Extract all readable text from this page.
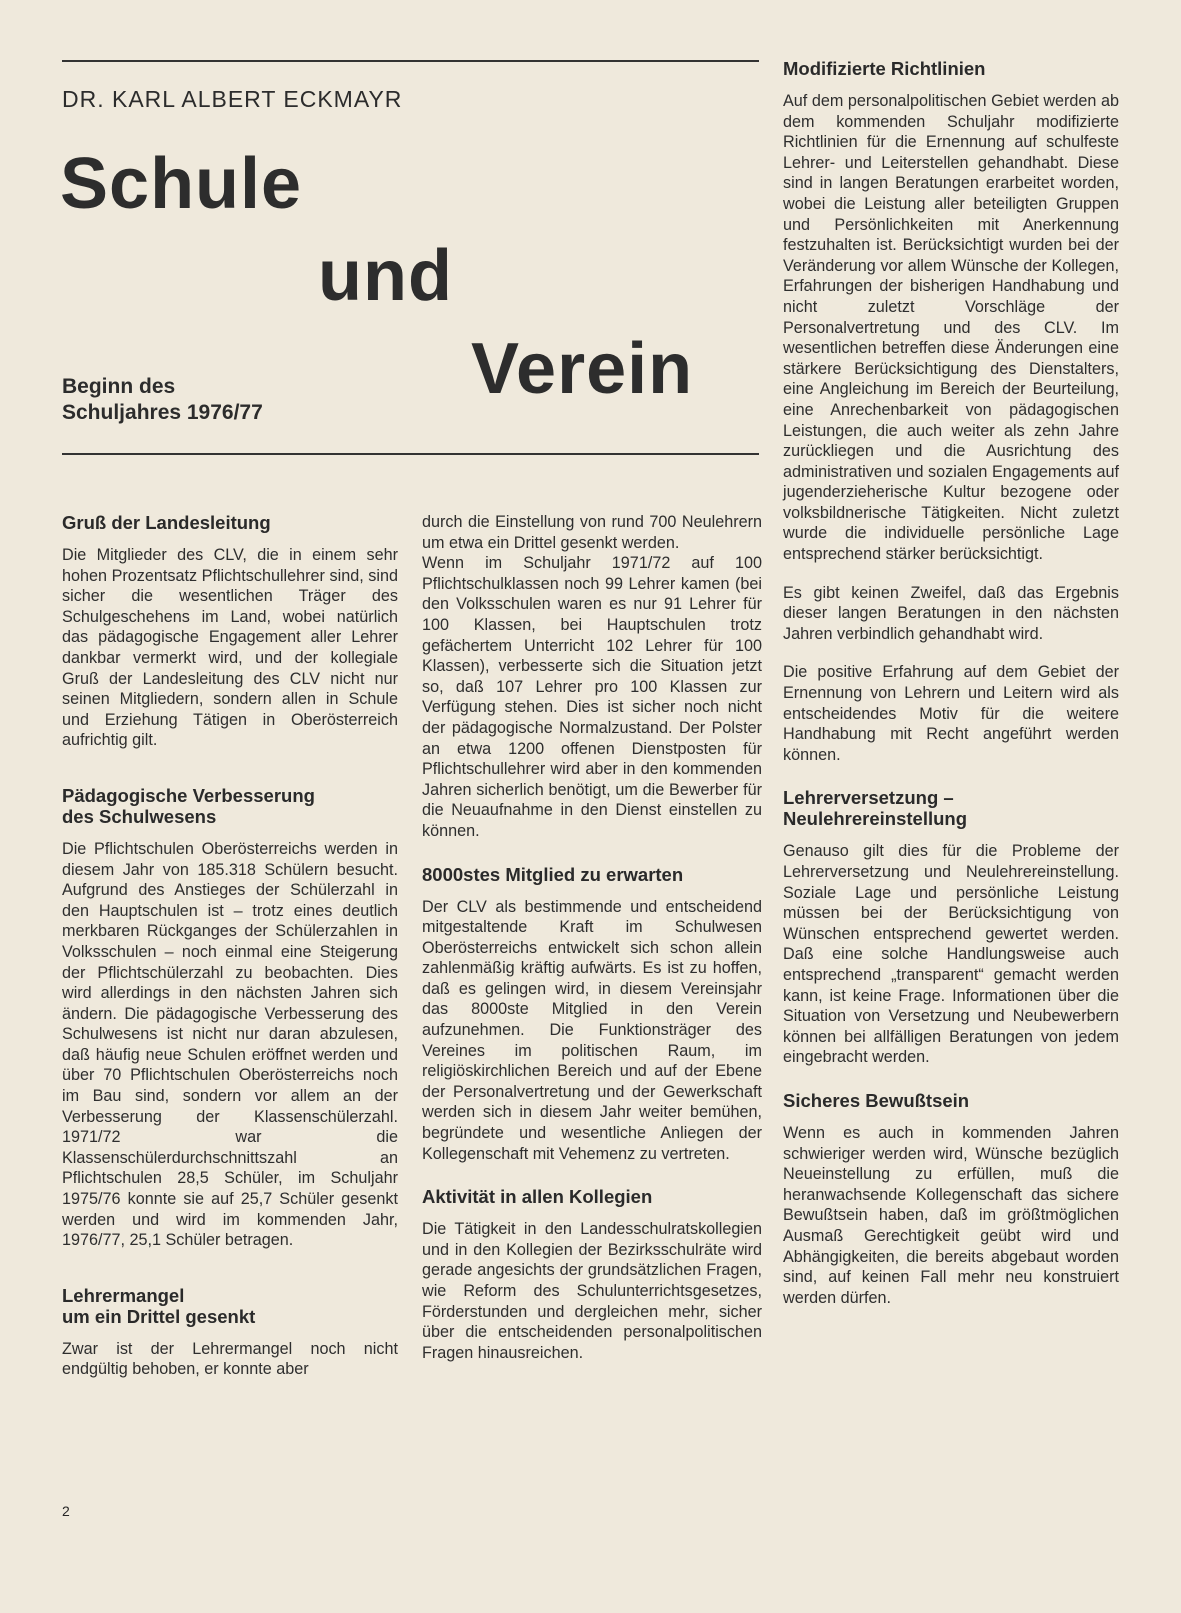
DR. KARL ALBERT ECKMAYR
Schule
und
Verein
Beginn des
Schuljahres 1976/77
Gruß der Landesleitung

Die Mitglieder des CLV, die in einem sehr hohen Prozentsatz Pflichtschullehrer sind, sind sicher die wesentlichen Träger des Schulgeschehens im Land, wobei natürlich das pädagogische Engagement aller Lehrer dankbar vermerkt wird, und der kollegiale Gruß der Landesleitung des CLV nicht nur seinen Mitgliedern, sondern allen in Schule und Erziehung Tätigen in Oberösterreich aufrichtig gilt.

Pädagogische Verbesserung
des Schulwesens

Die Pflichtschulen Oberösterreichs werden in diesem Jahr von 185.318 Schülern besucht. Aufgrund des Anstieges der Schülerzahl in den Hauptschulen ist – trotz eines deutlich merkbaren Rückganges der Schülerzahlen in Volksschulen – noch einmal eine Steigerung der Pflichtschülerzahl zu beobachten. Dies wird allerdings in den nächsten Jahren sich ändern. Die pädagogische Verbesserung des Schulwesens ist nicht nur daran abzulesen, daß häufig neue Schulen eröffnet werden und über 70 Pflichtschulen Oberösterreichs noch im Bau sind, sondern vor allem an der Verbesserung der Klassenschülerzahl. 1971/72 war die Klassenschülerdurchschnittszahl an Pflichtschulen 28,5 Schüler, im Schuljahr 1975/76 konnte sie auf 25,7 Schüler gesenkt werden und wird im kommenden Jahr, 1976/77, 25,1 Schüler betragen.

Lehrermangel
um ein Drittel gesenkt

Zwar ist der Lehrermangel noch nicht endgültig behoben, er konnte aber

durch die Einstellung von rund 700 Neulehrern um etwa ein Drittel gesenkt werden.

Wenn im Schuljahr 1971/72 auf 100 Pflichtschulklassen noch 99 Lehrer kamen (bei den Volksschulen waren es nur 91 Lehrer für 100 Klassen, bei Hauptschulen trotz gefächertem Unterricht 102 Lehrer für 100 Klassen), verbesserte sich die Situation jetzt so, daß 107 Lehrer pro 100 Klassen zur Verfügung stehen. Dies ist sicher noch nicht der pädagogische Normalzustand. Der Polster an etwa 1200 offenen Dienstposten für Pflichtschullehrer wird aber in den kommenden Jahren sicherlich benötigt, um die Bewerber für die Neuaufnahme in den Dienst einstellen zu können.

8000stes Mitglied zu erwarten

Der CLV als bestimmende und entscheidend mitgestaltende Kraft im Schulwesen Oberösterreichs entwickelt sich schon allein zahlenmäßig kräftig aufwärts. Es ist zu hoffen, daß es gelingen wird, in diesem Vereinsjahr das 8000ste Mitglied in den Verein aufzunehmen. Die Funktionsträger des Vereines im politischen Raum, im religiöskirchlichen Bereich und auf der Ebene der Personalvertretung und der Gewerkschaft werden sich in diesem Jahr weiter bemühen, begründete und wesentliche Anliegen der Kollegenschaft mit Vehemenz zu vertreten.

Aktivität in allen Kollegien

Die Tätigkeit in den Landesschulratskollegien und in den Kollegien der Bezirksschulräte wird gerade angesichts der grundsätzlichen Fragen, wie Reform des Schulunterrichtsgesetzes, Förderstunden und dergleichen mehr, sicher über die entscheidenden personalpolitischen Fragen hinausreichen.

Modifizierte Richtlinien

Auf dem personalpolitischen Gebiet werden ab dem kommenden Schuljahr modifizierte Richtlinien für die Ernennung auf schulfeste Lehrer- und Leiterstellen gehandhabt. Diese sind in langen Beratungen erarbeitet worden, wobei die Leistung aller beteiligten Gruppen und Persönlichkeiten mit Anerkennung festzuhalten ist. Berücksichtigt wurden bei der Veränderung vor allem Wünsche der Kollegen, Erfahrungen der bisherigen Handhabung und nicht zuletzt Vorschläge der Personalvertretung und des CLV. Im wesentlichen betreffen diese Änderungen eine stärkere Berücksichtigung des Dienstalters, eine Angleichung im Bereich der Beurteilung, eine Anrechenbarkeit von pädagogischen Leistungen, die auch weiter als zehn Jahre zurückliegen und die Ausrichtung des administrativen und sozialen Engagements auf jugenderzieherische Kultur bezogene oder volksbildnerische Tätigkeiten. Nicht zuletzt wurde die individuelle persönliche Lage entsprechend stärker berücksichtigt.

Es gibt keinen Zweifel, daß das Ergebnis dieser langen Beratungen in den nächsten Jahren verbindlich gehandhabt wird.

Die positive Erfahrung auf dem Gebiet der Ernennung von Lehrern und Leitern wird als entscheidendes Motiv für die weitere Handhabung mit Recht angeführt werden können.

Lehrerversetzung –
Neulehrereinstellung

Genauso gilt dies für die Probleme der Lehrerversetzung und Neulehrereinstellung. Soziale Lage und persönliche Leistung müssen bei der Berücksichtigung von Wünschen entsprechend gewertet werden. Daß eine solche Handlungsweise auch entsprechend „transparent“ gemacht werden kann, ist keine Frage. Informationen über die Situation von Versetzung und Neubewerbern können bei allfälligen Beratungen von jedem eingebracht werden.

Sicheres Bewußtsein

Wenn es auch in kommenden Jahren schwieriger werden wird, Wünsche bezüglich Neueinstellung zu erfüllen, muß die heranwachsende Kollegenschaft das sichere Bewußtsein haben, daß im größtmöglichen Ausmaß Gerechtigkeit geübt wird und Abhängigkeiten, die bereits abgebaut worden sind, auf keinen Fall mehr neu konstruiert werden dürfen.

2
